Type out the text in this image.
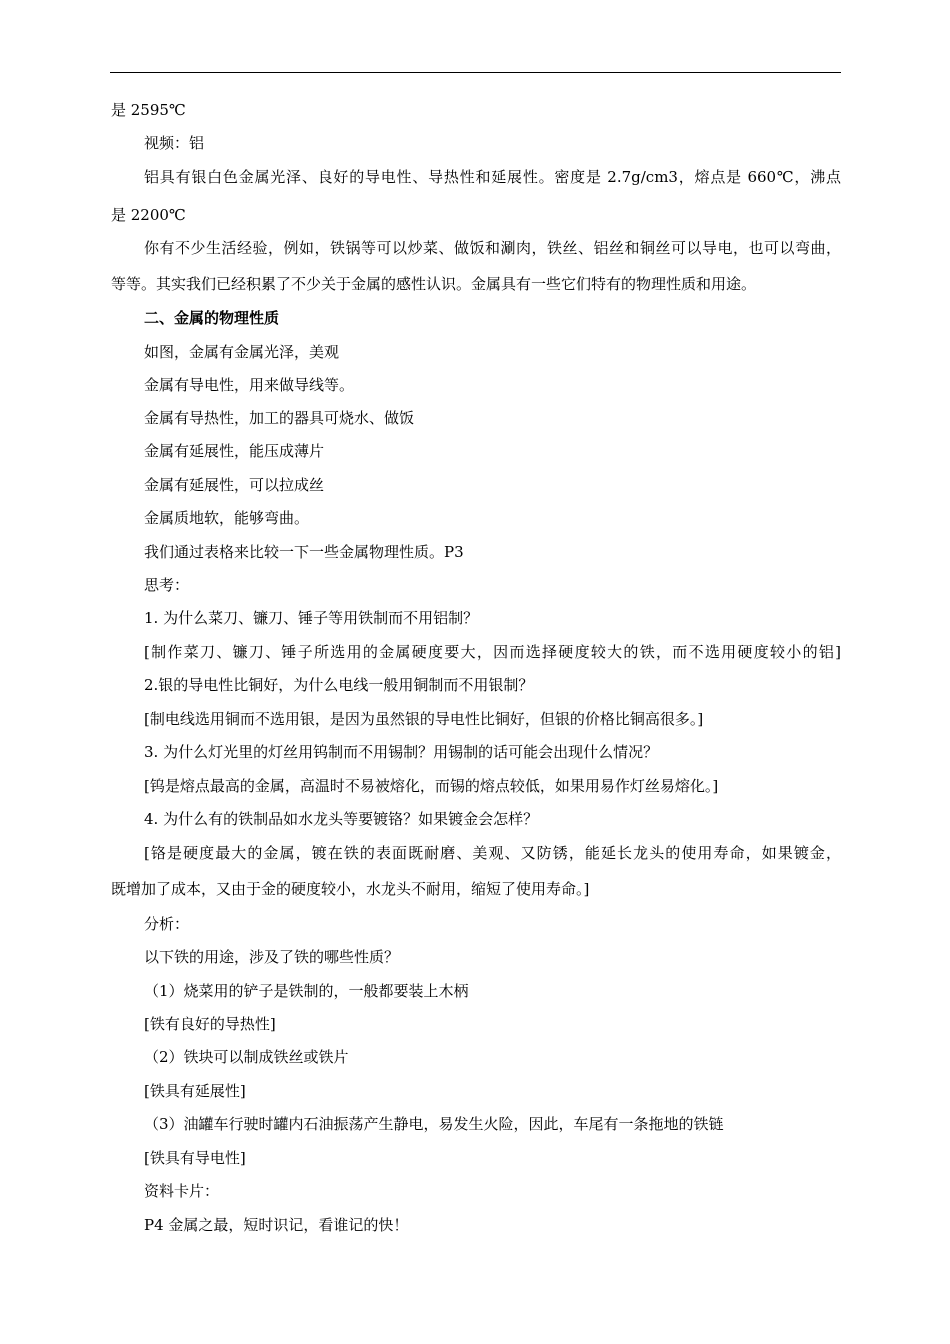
是 2595℃
视频：铝
铝具有银白色金属光泽、良好的导电性、导热性和延展性。密度是 2.7g/cm3，熔点是 660℃，沸点
是 2200℃
你有不少生活经验，例如，铁锅等可以炒菜、做饭和涮肉，铁丝、铝丝和铜丝可以导电，也可以弯曲，
等等。其实我们已经积累了不少关于金属的感性认识。金属具有一些它们特有的物理性质和用途。
二、金属的物理性质
如图，金属有金属光泽，美观
金属有导电性，用来做导线等。
金属有导热性，加工的器具可烧水、做饭
金属有延展性，能压成薄片
金属有延展性，可以拉成丝
金属质地软，能够弯曲。
我们通过表格来比较一下一些金属物理性质。P3
思考：
1. 为什么菜刀、镰刀、锤子等用铁制而不用铝制？
[制作菜刀、镰刀、锤子所选用的金属硬度要大，因而选择硬度较大的铁，而不选用硬度较小的铝]
2.银的导电性比铜好，为什么电线一般用铜制而不用银制？
[制电线选用铜而不选用银，是因为虽然银的导电性比铜好，但银的价格比铜高很多。]
3. 为什么灯光里的灯丝用钨制而不用锡制？用锡制的话可能会出现什么情况？
[钨是熔点最高的金属，高温时不易被熔化，而锡的熔点较低，如果用易作灯丝易熔化。]
4. 为什么有的铁制品如水龙头等要镀铬？如果镀金会怎样？
[铬是硬度最大的金属，镀在铁的表面既耐磨、美观、又防锈，能延长龙头的使用寿命，如果镀金，
既增加了成本，又由于金的硬度较小，水龙头不耐用，缩短了使用寿命。]
分析：
以下铁的用途，涉及了铁的哪些性质？
（1）烧菜用的铲子是铁制的，一般都要装上木柄
[铁有良好的导热性]
（2）铁块可以制成铁丝或铁片
[铁具有延展性]
（3）油罐车行驶时罐内石油振荡产生静电，易发生火险，因此，车尾有一条拖地的铁链
[铁具有导电性]
资料卡片：
P4 金属之最，短时识记，看谁记的快！
